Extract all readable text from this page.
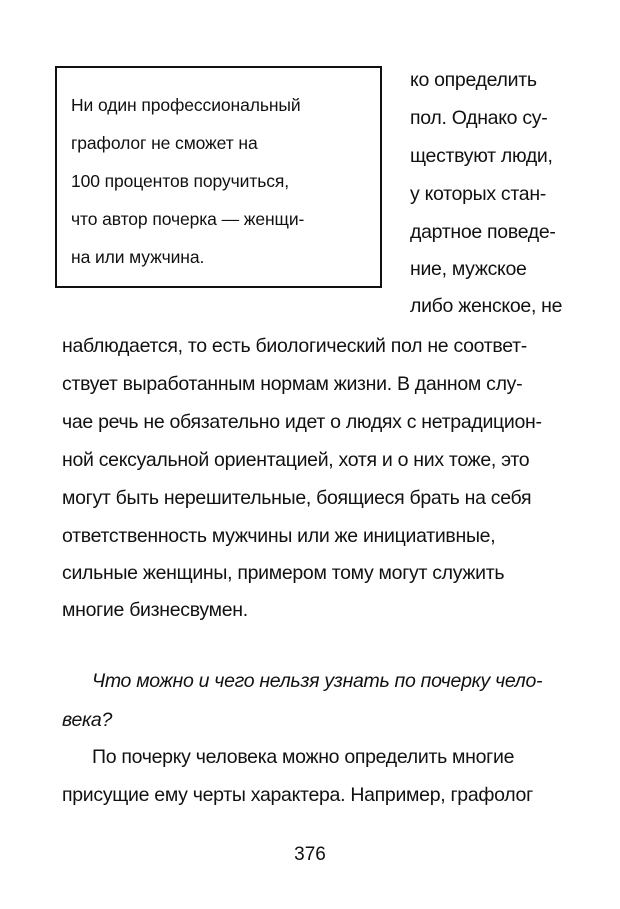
Ни один профессиональный
графолог не сможет на
100 процентов поручиться,
что автор почерка — женщи-
на или мужчина.
ко определить
пол. Однако су-
ществуют люди,
у которых стан-
дартное поведе-
ние, мужское
либо женское, не
наблюдается, то есть биологический пол не соответ-
ствует выработанным нормам жизни. В данном слу-
чае речь не обязательно идет о людях с нетрадицион-
ной сексуальной ориентацией, хотя и о них тоже, это
могут быть нерешительные, боящиеся брать на себя
ответственность мужчины или же инициативные,
сильные женщины, примером тому могут служить
многие бизнесвумен.
Что можно и чего нельзя узнать по почерку чело-
века?
По почерку человека можно определить многие
присущие ему черты характера. Например, графолог
376
